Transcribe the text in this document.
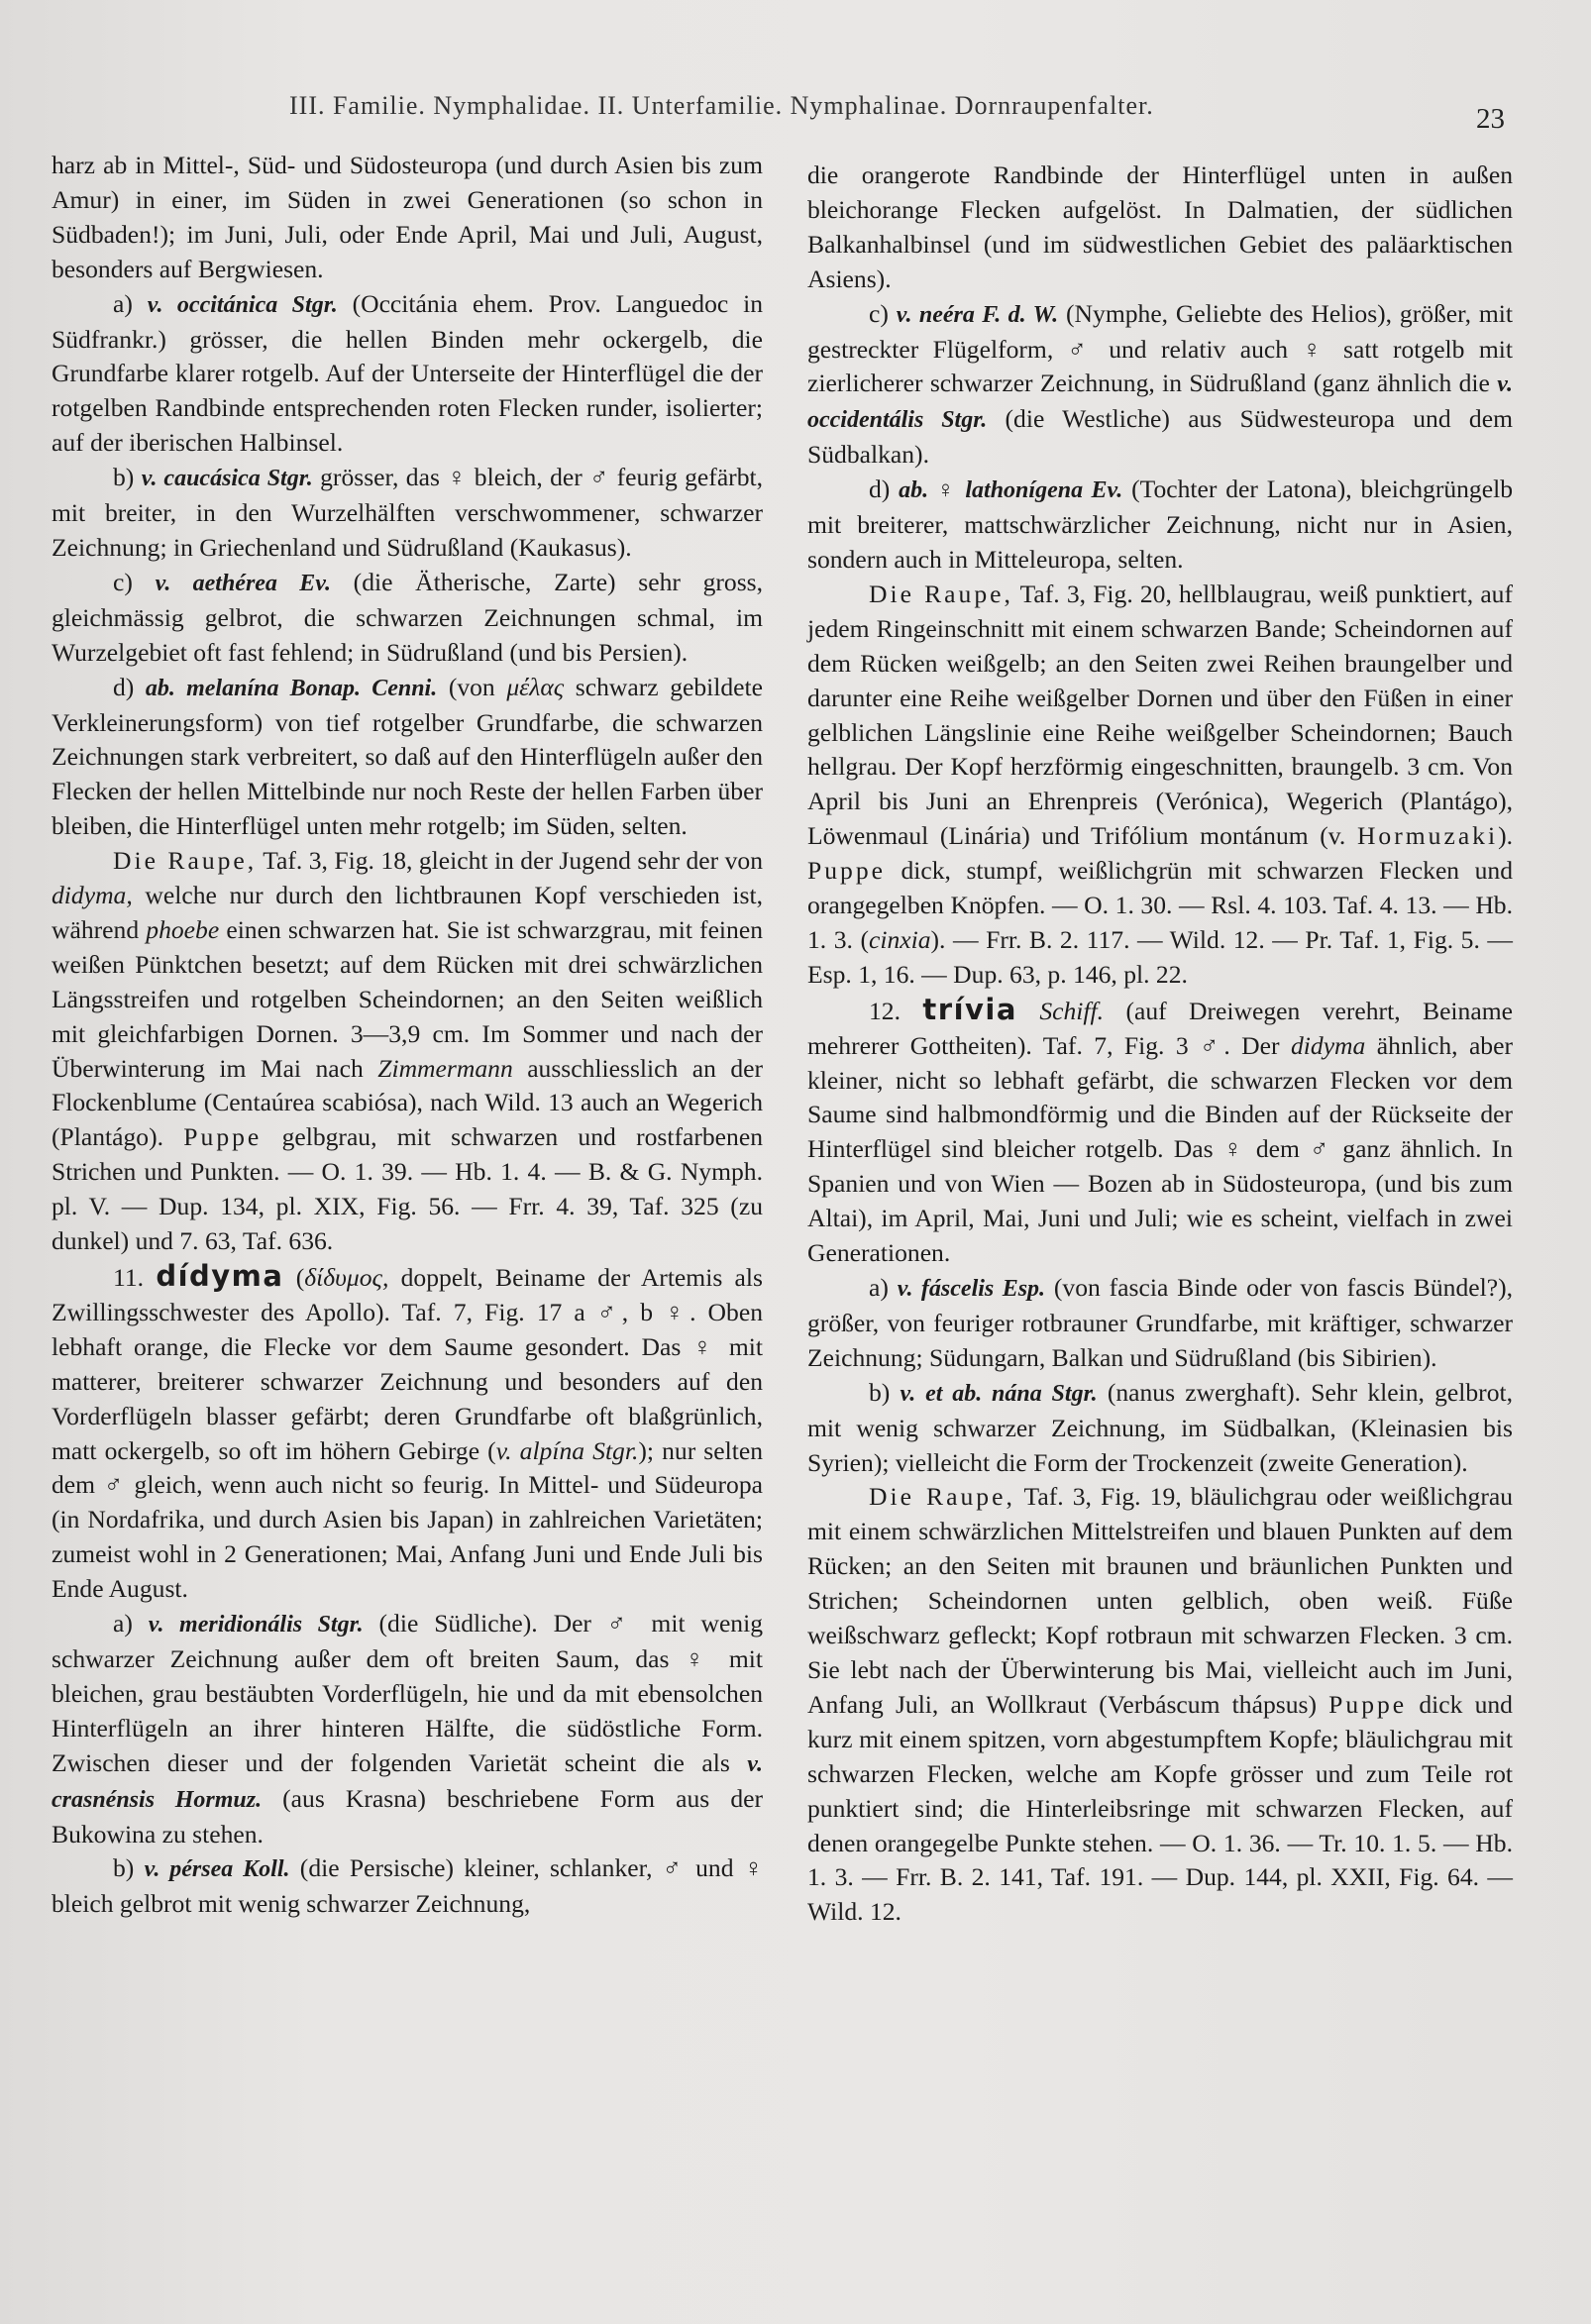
III. Familie. Nymphalidae. II. Unterfamilie. Nymphalinae. Dornraupenfalter.	23

harz ab in Mittel-, Süd- und Südosteuropa (und durch Asien bis zum Amur) in einer, im Süden in zwei Generationen (so schon in Südbaden!); im Juni, Juli, oder Ende April, Mai und Juli, August, besonders auf Bergwiesen.

a) v. occitánica Stgr. (Occitánia ehem. Prov. Languedoc in Südfrankr.) grösser, die hellen Binden mehr ockergelb, die Grundfarbe klarer rotgelb. Auf der Unterseite der Hinterflügel die der rotgelben Randbinde entsprechenden roten Flecken runder, isolierter; auf der iberischen Halbinsel.

b) v. caucásica Stgr. grösser, das ♀ bleich, der ♂ feurig gefärbt, mit breiter, in den Wurzelhälften verschwommener, schwarzer Zeichnung; in Griechenland und Südrußland (Kaukasus).

c) v. aethérea Ev. (die Ätherische, Zarte) sehr gross, gleichmässig gelbrot, die schwarzen Zeichnungen schmal, im Wurzelgebiet oft fast fehlend; in Südrußland (und bis Persien).

d) ab. melanína Bonap. Cenni. (von μέλας schwarz gebildete Verkleinerungsform) von tief rotgelber Grundfarbe, die schwarzen Zeichnungen stark verbreitert, so daß auf den Hinterflügeln außer den Flecken der hellen Mittelbinde nur noch Reste der hellen Farben über bleiben, die Hinterflügel unten mehr rotgelb; im Süden, selten.

Die Raupe, Taf. 3, Fig. 18, gleicht in der Jugend sehr der von didyma, welche nur durch den lichtbraunen Kopf verschieden ist, während phoebe einen schwarzen hat. Sie ist schwarzgrau, mit feinen weißen Pünktchen besetzt; auf dem Rücken mit drei schwärzlichen Längsstreifen und rotgelben Scheindornen; an den Seiten weißlich mit gleichfarbigen Dornen. 3—3,9 cm. Im Sommer und nach der Überwinterung im Mai nach Zimmermann ausschliesslich an der Flockenblume (Centaúrea scabiósa), nach Wild. 13 auch an Wegerich (Plantágo). Puppe gelbgrau, mit schwarzen und rostfarbenen Strichen und Punkten. — O. 1. 39. — Hb. 1. 4. — B. & G. Nymph. pl. V. — Dup. 134, pl. XIX, Fig. 56. — Frr. 4. 39, Taf. 325 (zu dunkel) und 7. 63, Taf. 636.

11. dídyma (δίδυμος, doppelt, Beiname der Artemis als Zwillingsschwester des Apollo). Taf. 7, Fig. 17 a ♂, b ♀. Oben lebhaft orange, die Flecke vor dem Saume gesondert. Das ♀ mit matterer, breiterer schwarzer Zeichnung und besonders auf den Vorderflügeln blasser gefärbt; deren Grundfarbe oft blaßgrünlich, matt ockergelb, so oft im höhern Gebirge (v. alpína Stgr.); nur selten dem ♂ gleich, wenn auch nicht so feurig. In Mittel- und Südeuropa (in Nordafrika, und durch Asien bis Japan) in zahlreichen Varietäten; zumeist wohl in 2 Generationen; Mai, Anfang Juni und Ende Juli bis Ende August.

a) v. meridionális Stgr. (die Südliche). Der ♂ mit wenig schwarzer Zeichnung außer dem oft breiten Saum, das ♀ mit bleichen, grau bestäubten Vorderflügeln, hie und da mit ebensolchen Hinterflügeln an ihrer hinteren Hälfte, die südöstliche Form. Zwischen dieser und der folgenden Varietät scheint die als v. crasnénsis Hormuz. (aus Krasna) beschriebene Form aus der Bukowina zu stehen.

b) v. pérsea Koll. (die Persische) kleiner, schlanker, ♂ und ♀ bleich gelbrot mit wenig schwarzer Zeichnung,

die orangerote Randbinde der Hinterflügel unten in außen bleichorange Flecken aufgelöst. In Dalmatien, der südlichen Balkanhalbinsel (und im südwestlichen Gebiet des paläarktischen Asiens).

c) v. neéra F. d. W. (Nymphe, Geliebte des Helios), größer, mit gestreckter Flügelform, ♂ und relativ auch ♀ satt rotgelb mit zierlicherer schwarzer Zeichnung, in Südrußland (ganz ähnlich die v. occidentális Stgr. (die Westliche) aus Südwesteuropa und dem Südbalkan).

d) ab. ♀ lathonígena Ev. (Tochter der Latona), bleichgrüngelb mit breiterer, mattschwärzlicher Zeichnung, nicht nur in Asien, sondern auch in Mitteleuropa, selten.

Die Raupe, Taf. 3, Fig. 20, hellblaugrau, weiß punktiert, auf jedem Ringeinschnitt mit einem schwarzen Bande; Scheindornen auf dem Rücken weißgelb; an den Seiten zwei Reihen braungelber und darunter eine Reihe weißgelber Dornen und über den Füßen in einer gelblichen Längslinie eine Reihe weißgelber Scheindornen; Bauch hellgrau. Der Kopf herzförmig eingeschnitten, braungelb. 3 cm. Von April bis Juni an Ehrenpreis (Verónica), Wegerich (Plantágo), Löwenmaul (Linária) und Trifólium montánum (v. Hormuzaki). Puppe dick, stumpf, weißlichgrün mit schwarzen Flecken und orangegelben Knöpfen. — O. 1. 30. — Rsl. 4. 103. Taf. 4. 13. — Hb. 1. 3. (cinxia). — Frr. B. 2. 117. — Wild. 12. — Pr. Taf. 1, Fig. 5. — Esp. 1, 16. — Dup. 63, p. 146, pl. 22.

12. trívia Schiff. (auf Dreiwegen verehrt, Beiname mehrerer Gottheiten). Taf. 7, Fig. 3 ♂. Der didyma ähnlich, aber kleiner, nicht so lebhaft gefärbt, die schwarzen Flecken vor dem Saume sind halbmondförmig und die Binden auf der Rückseite der Hinterflügel sind bleicher rotgelb. Das ♀ dem ♂ ganz ähnlich. In Spanien und von Wien — Bozen ab in Südosteuropa, (und bis zum Altai), im April, Mai, Juni und Juli; wie es scheint, vielfach in zwei Generationen.

a) v. fáscelis Esp. (von fascia Binde oder von fascis Bündel?), größer, von feuriger rotbrauner Grundfarbe, mit kräftiger, schwarzer Zeichnung; Südungarn, Balkan und Südrußland (bis Sibirien).

b) v. et ab. nána Stgr. (nanus zwerghaft). Sehr klein, gelbrot, mit wenig schwarzer Zeichnung, im Südbalkan, (Kleinasien bis Syrien); vielleicht die Form der Trockenzeit (zweite Generation).

Die Raupe, Taf. 3, Fig. 19, bläulichgrau oder weißlichgrau mit einem schwärzlichen Mittelstreifen und blauen Punkten auf dem Rücken; an den Seiten mit braunen und bräunlichen Punkten und Strichen; Scheindornen unten gelblich, oben weiß. Füße weißschwarz gefleckt; Kopf rotbraun mit schwarzen Flecken. 3 cm. Sie lebt nach der Überwinterung bis Mai, vielleicht auch im Juni, Anfang Juli, an Wollkraut (Verbáscum thápsus) Puppe dick und kurz mit einem spitzen, vorn abgestumpftem Kopfe; bläulichgrau mit schwarzen Flecken, welche am Kopfe grösser und zum Teile rot punktiert sind; die Hinterleibsringe mit schwarzen Flecken, auf denen orangegelbe Punkte stehen. — O. 1. 36. — Tr. 10. 1. 5. — Hb. 1. 3. — Frr. B. 2. 141, Taf. 191. — Dup. 144, pl. XXII, Fig. 64. — Wild. 12.
